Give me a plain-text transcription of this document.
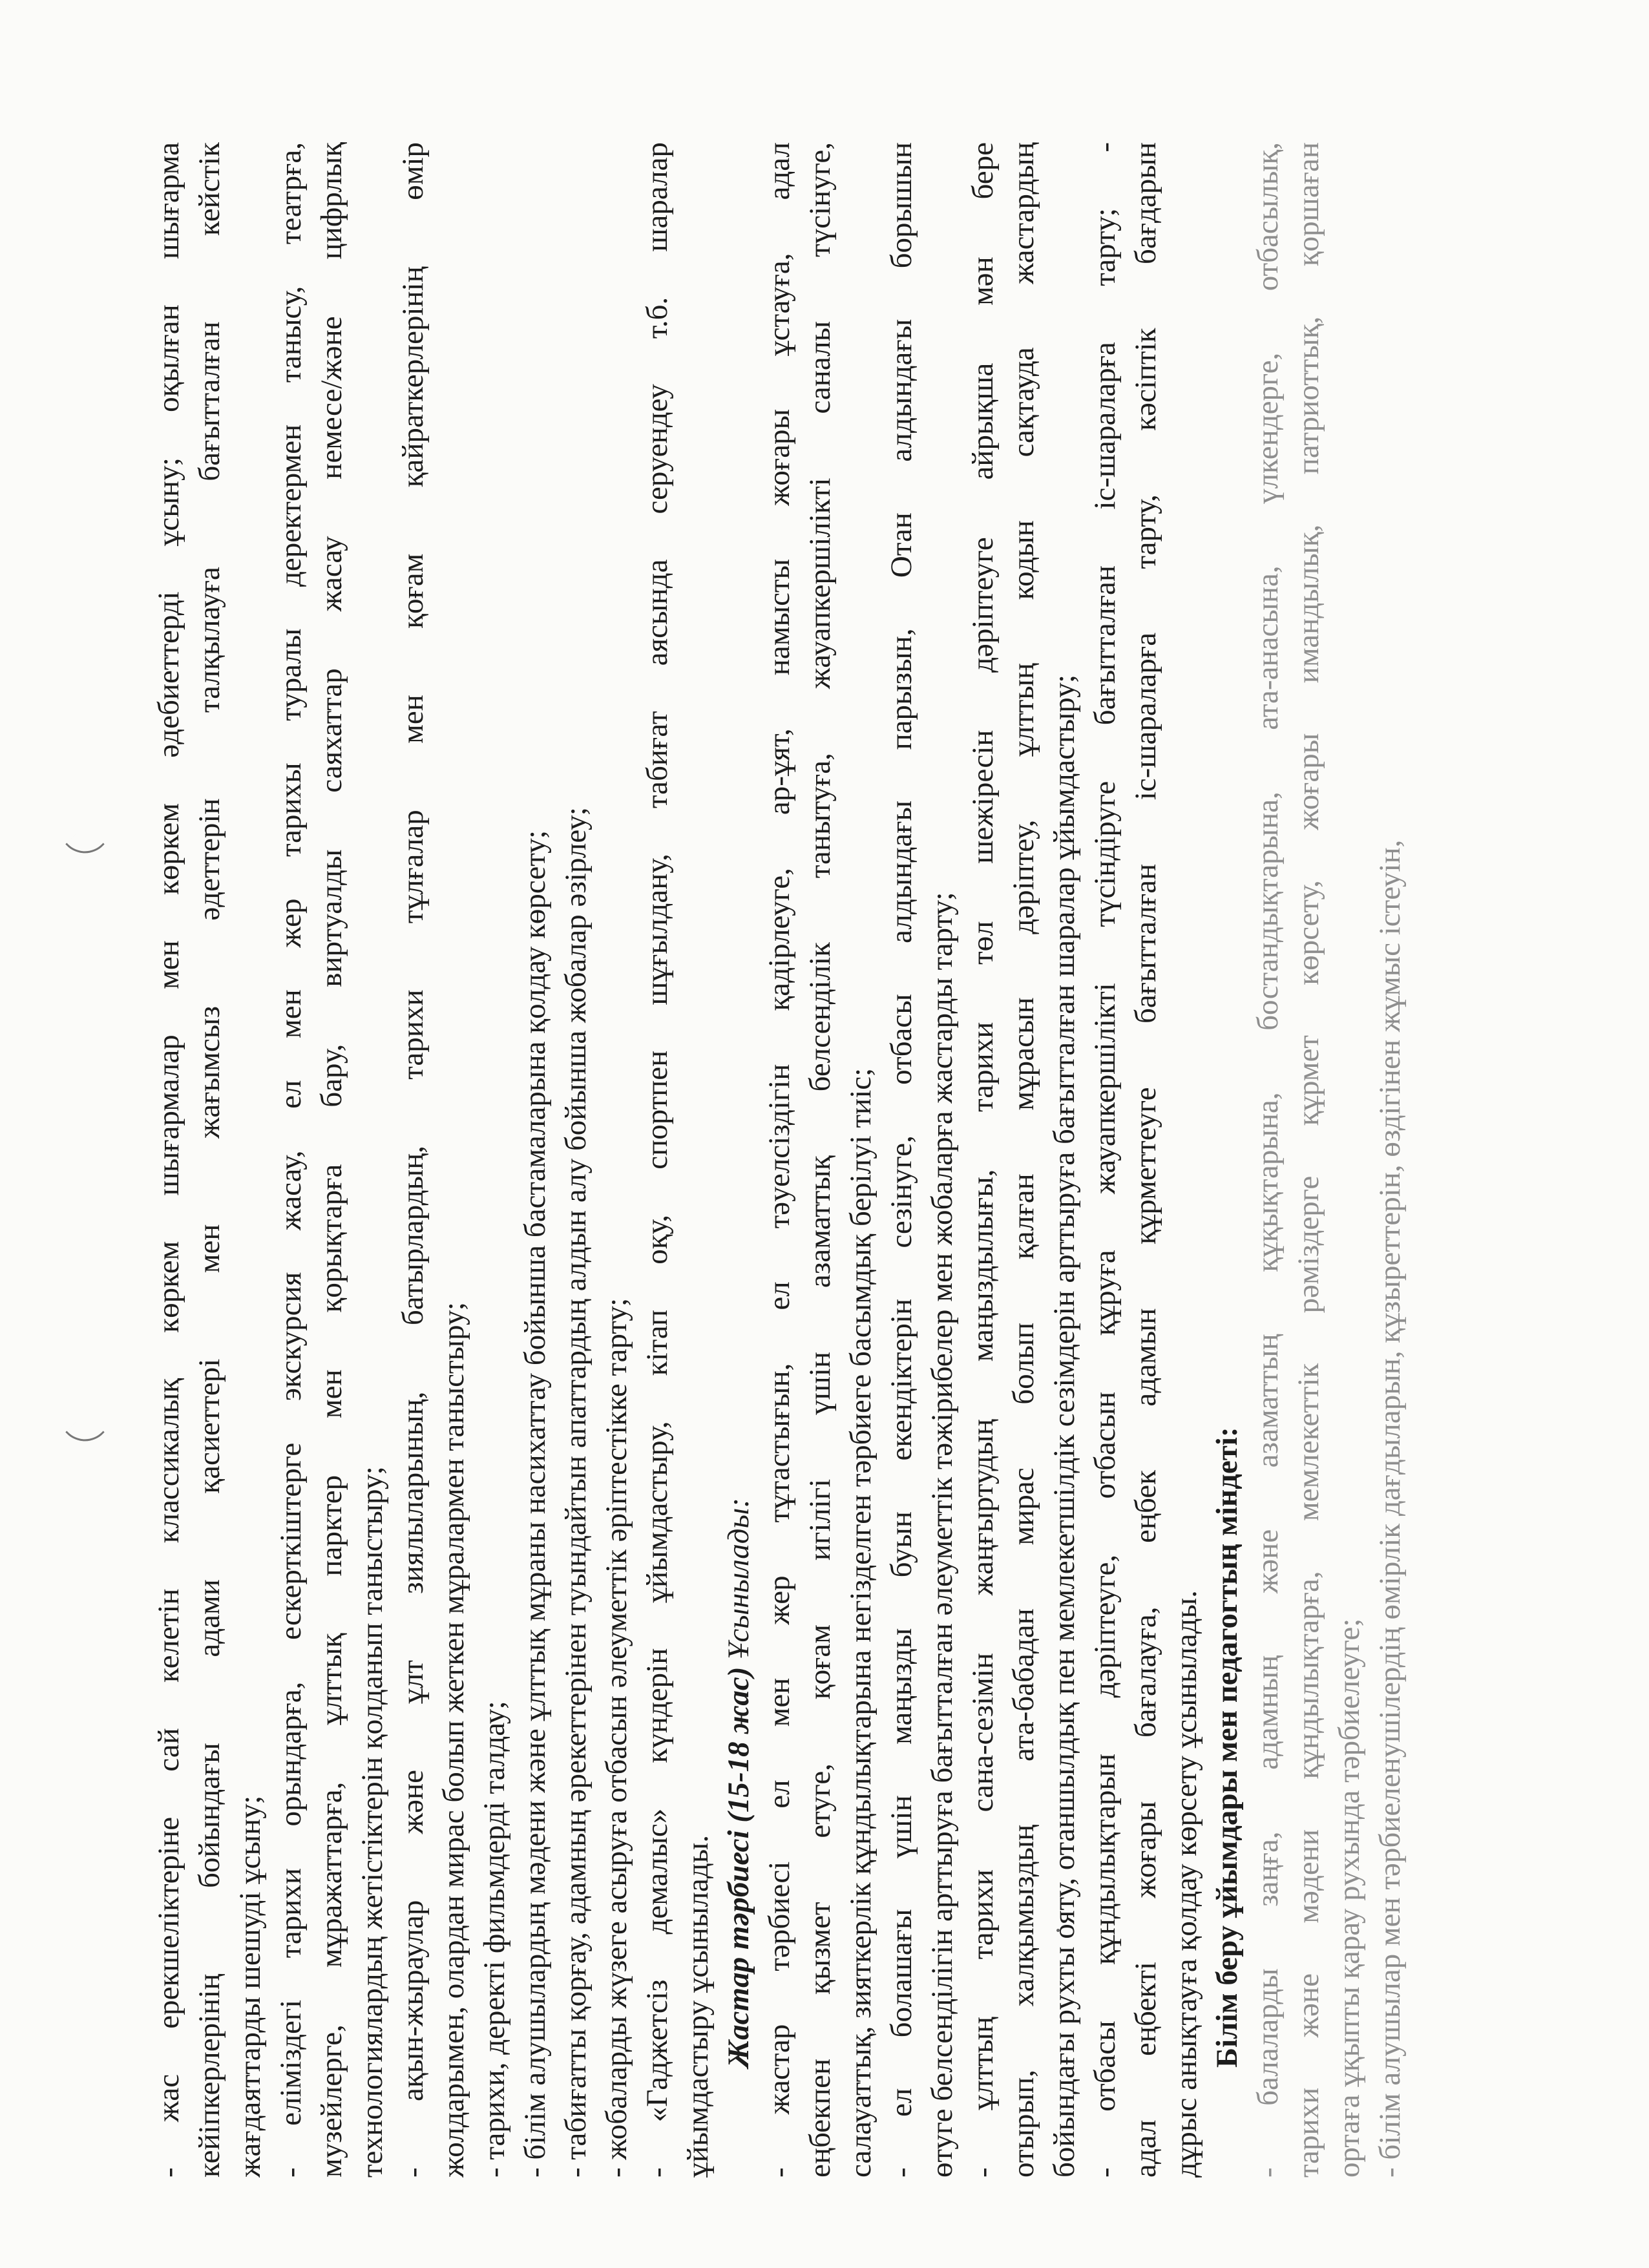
- жас ерекшеліктеріне сай келетін классикалық көркем шығармалар мен көркем әдебиеттерді ұсыну; оқылған шығарма кейіпкерлерінің бойындағы адами қасиеттері мен жағымсыз әдеттерін талқылауға бағытталған кейстік жағдаяттарды шешуді ұсыну; - еліміздегі тарихи орындарға, ескерткіштерге экскурсия жасау, ел мен жер тарихы туралы деректермен танысу, театрға, музейлерге, мұражаттарға, ұлттық парктер мен қорықтарға бару, виртуалды саяхаттар жасау немесе/және цифрлық технологиялардың жетістіктерін қолданып таныстыру; - ақын-жыраулар және ұлт зиялыларының, батырлардың, тарихи тұлғалар мен қоғам қайраткерлерінің өмір жолдарымен, олардан мирас болып жеткен мұралармен таныстыру; - тарихи, деректі фильмдерді талдау; - білім алушылардың мәдени және ұлттық мұраны насихаттау бойынша бастамаларына қолдау көрсету; - табиғатты қорғау, адамның әрекеттерінен туындайтын апаттардың алдын алу бойынша жобалар әзірлеу; - жобаларды жүзеге асыруға отбасын әлеуметтік әріптестікке тарту; - «Гаджетсіз демалыс» күндерін ұйымдастыру, кітап оқу, спортпен шұғылдану, табиғат аясында серуендеу т.б. шаралар ұйымдастыру ұсынылады. Жастар тәрбиесі (15-18 жас) Ұсынылады: - жастар тәрбиесі ел мен жер тұтастығын, ел тәуелсіздігін қадірлеуге, ар-ұят, намысты жоғары ұстауға, адал еңбекпен қызмет етуге, қоғам игілігі үшін азаматтық белсенділік танытуға, жауапкершілікті саналы түсінуге, салауаттық, зияткерлік құндылықтарына негізделген тәрбиеге басымдық берілуі тиіс; - ел болашағы үшін маңызды буын екендіктерін сезінуге, отбасы алдындағы парызын, Отан алдындағы борышын өтуге белсенділігін арттыруға бағытталған әлеуметтік тәжірибелер мен жобаларға жастарды тарту; - ұлттың тарихи сана-сезімін жаңғыртудың маңыздылығы, тарихи төл шежіресін дәріптеуге айрықша мән бере отырып, халқымыздың ата-бабадан мирас болып қалған мұрасын дәріптеу, ұлттың кодын сақтауда жастардың бойындағы рухты ояту, отаншылдық пен мемлекетшілдік сезімдерін арттыруға бағытталған шаралар ұйымдастыру; - отбасы құндылықтарын дәріптеуге, отбасын құруға жауапкершілікті түсіндіруге бағытталған іс-шараларға тарту; - адал еңбекті жоғары бағалауға, еңбек адамын құрметтеуге бағытталған іс-шараларға тарту, кәсіптік бағдарын дұрыс анықтауға қолдау көрсету ұсынылады. Білім беру ұйымдары мен педагогтың міндеті: - балаларды заңға, адамның және азаматтың құқықтарына, бостандықтарына, ата-анасына, үлкендерге, отбасылық, тарихи және мәдени құндылықтарға, мемлекеттік рәміздерге құрмет көрсету, жоғары имандылық, патриоттық, қоршаған ортаға ұқыпты қарау рухында тәрбиелеуге; - білім алушылар мен тәрбиеленушілердің өмірлік дағдыларын, құзыреттерін, өздігінен жұмыс істеуін,
